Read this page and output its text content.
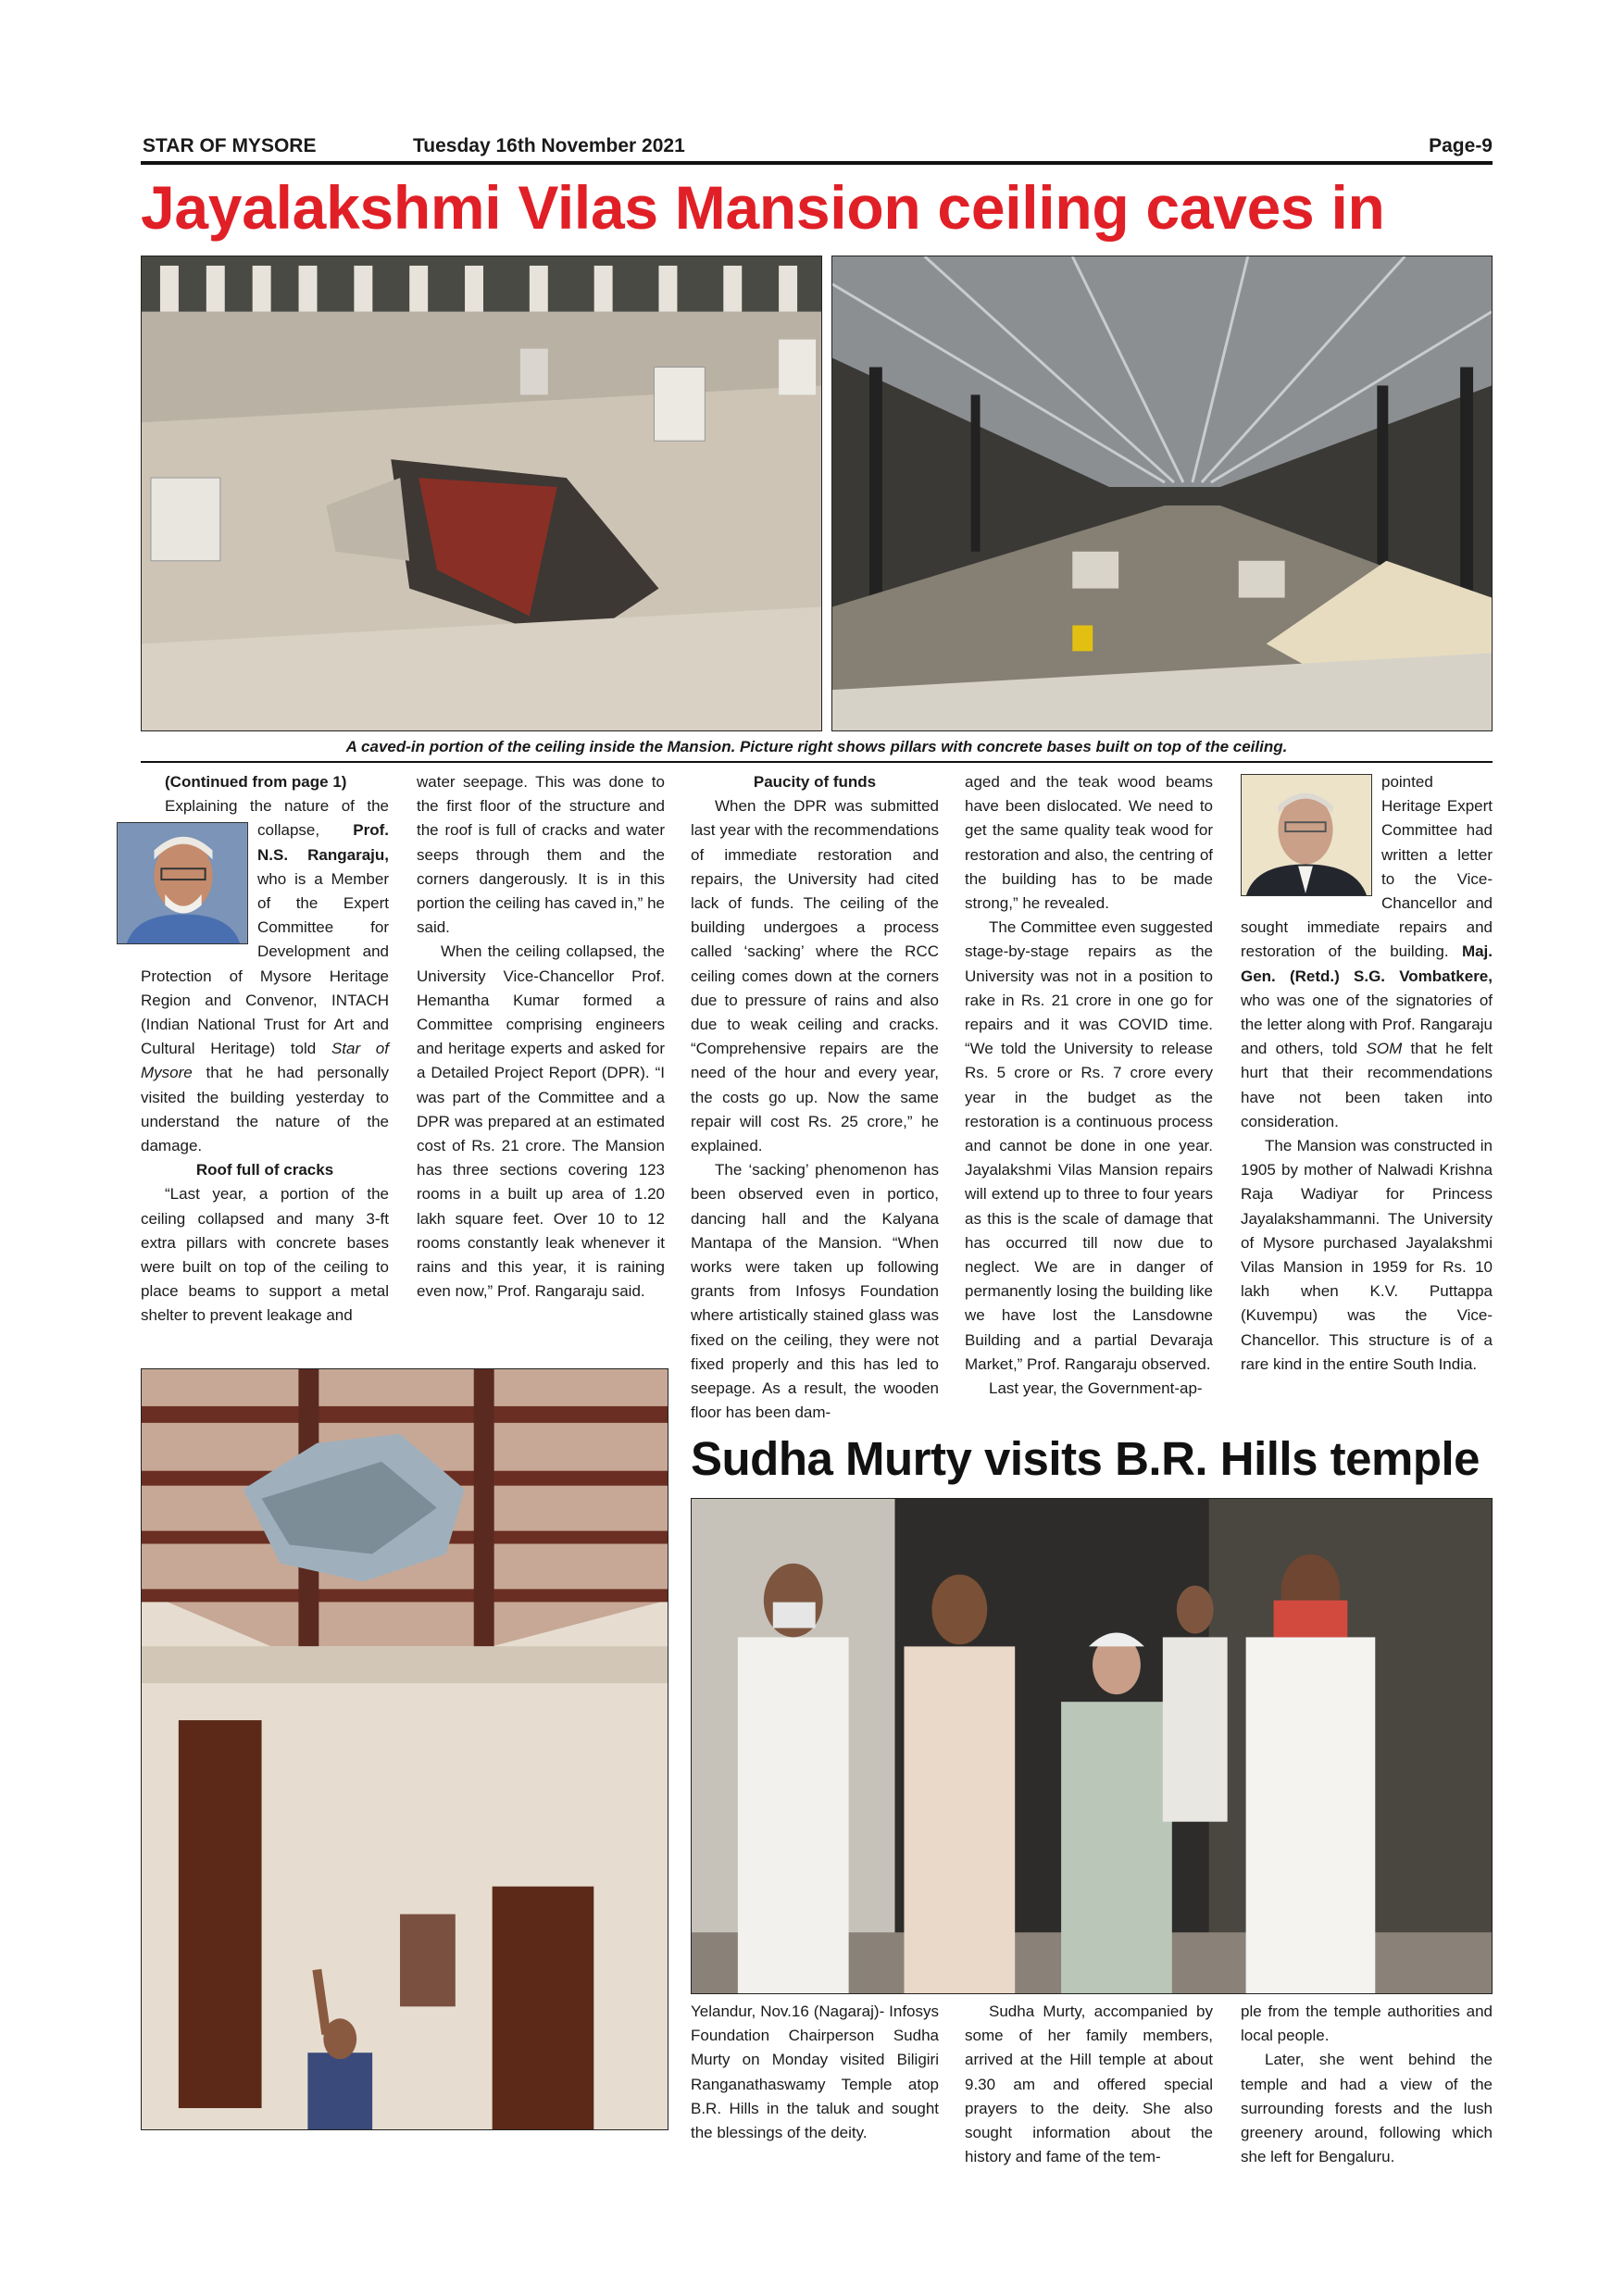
STAR OF MYSORE	Tuesday 16th November 2021	Page-9
Jayalakshmi Vilas Mansion ceiling caves in
A caved-in portion of the ceiling inside the Mansion. Picture right shows pillars with concrete bases built on top of the ceiling.

(Continued from page 1)

Explaining the nature of the collapse, Prof. N.S. Rangaraju, who is a Member of the Expert Committee for Development and Protection of Mysore Heritage Region and Convenor, INTACH (Indian National Trust for Art and Cultural Heritage) told Star of Mysore that he had personally visited the building yesterday to understand the nature of the damage.

Roof full of cracks

“Last year, a portion of the ceiling collapsed and many 3-ft extra pillars with concrete bases were built on top of the ceiling to place beams to support a metal shelter to prevent leakage and

water seepage. This was done to the first floor of the structure and the roof is full of cracks and water seeps through them and the corners dangerously. It is in this portion the ceiling has caved in,” he said.

When the ceiling collapsed, the University Vice-Chancellor Prof. Hemantha Kumar formed a Committee comprising engineers and heritage experts and asked for a Detailed Project Report (DPR). “I was part of the Committee and a DPR was prepared at an estimated cost of Rs. 21 crore. The Mansion has three sections covering 123 rooms in a built up area of 1.20 lakh square feet. Over 10 to 12 rooms constantly leak whenever it rains and this year, it is raining even now,” Prof. Rangaraju said.

Paucity of funds

When the DPR was submitted last year with the recommendations of immediate restoration and repairs, the University had cited lack of funds. The ceiling of the building undergoes a process called ‘sacking’ where the RCC ceiling comes down at the corners due to pressure of rains and also due to weak ceiling and cracks. “Comprehensive repairs are the need of the hour and every year, the costs go up. Now the same repair will cost Rs. 25 crore,” he explained.

The ‘sacking’ phenomenon has been observed even in portico, dancing hall and the Kalyana Mantapa of the Mansion. “When works were taken up following grants from Infosys Foundation where artistically stained glass was fixed on the ceiling, they were not fixed properly and this has led to seepage. As a result, the wooden floor has been dam-

aged and the teak wood beams have been dislocated. We need to get the same quality teak wood for restoration and also, the centring of the building has to be made strong,” he revealed.

The Committee even suggested stage-by-stage repairs as the University was not in a position to rake in Rs. 21 crore in one go for repairs and it was COVID time. “We told the University to release Rs. 5 crore or Rs. 7 crore every year in the budget as the restoration is a continuous process and cannot be done in one year. Jayalakshmi Vilas Mansion repairs will extend up to three to four years as this is the scale of damage that has occurred till now due to neglect. We are in danger of permanently losing the building like we have lost the Lansdowne Building and a partial Devaraja Market,” Prof. Rangaraju observed.

Last year, the Government-ap-

pointed Heritage Expert Committee had written a letter to the Vice-Chancellor and sought immediate repairs and restoration of the building. Maj. Gen. (Retd.) S.G. Vombatkere, who was one of the signatories of the letter along with Prof. Rangaraju and others, told SOM that he felt hurt that their recommendations have not been taken into consideration.

The Mansion was constructed in 1905 by mother of Nalwadi Krishna Raja Wadiyar for Princess Jayalakshammanni. The University of Mysore purchased Jayalakshmi Vilas Mansion in 1959 for Rs. 10 lakh when K.V. Puttappa (Kuvempu) was the Vice-Chancellor. This structure is of a rare kind in the entire South India.

Sudha Murty visits B.R. Hills temple

Yelandur, Nov.16 (Nagaraj)- Infosys Foundation Chairperson Sudha Murty on Monday visited Biligiri Ranganathaswamy Temple atop B.R. Hills in the taluk and sought the blessings of the deity.

Sudha Murty, accompanied by some of her family members, arrived at the Hill temple at about 9.30 am and offered special prayers to the deity. She also sought information about the history and fame of the tem-

ple from the temple authorities and local people.

Later, she went behind the temple and had a view of the surrounding forests and the lush greenery around, following which she left for Bengaluru.
